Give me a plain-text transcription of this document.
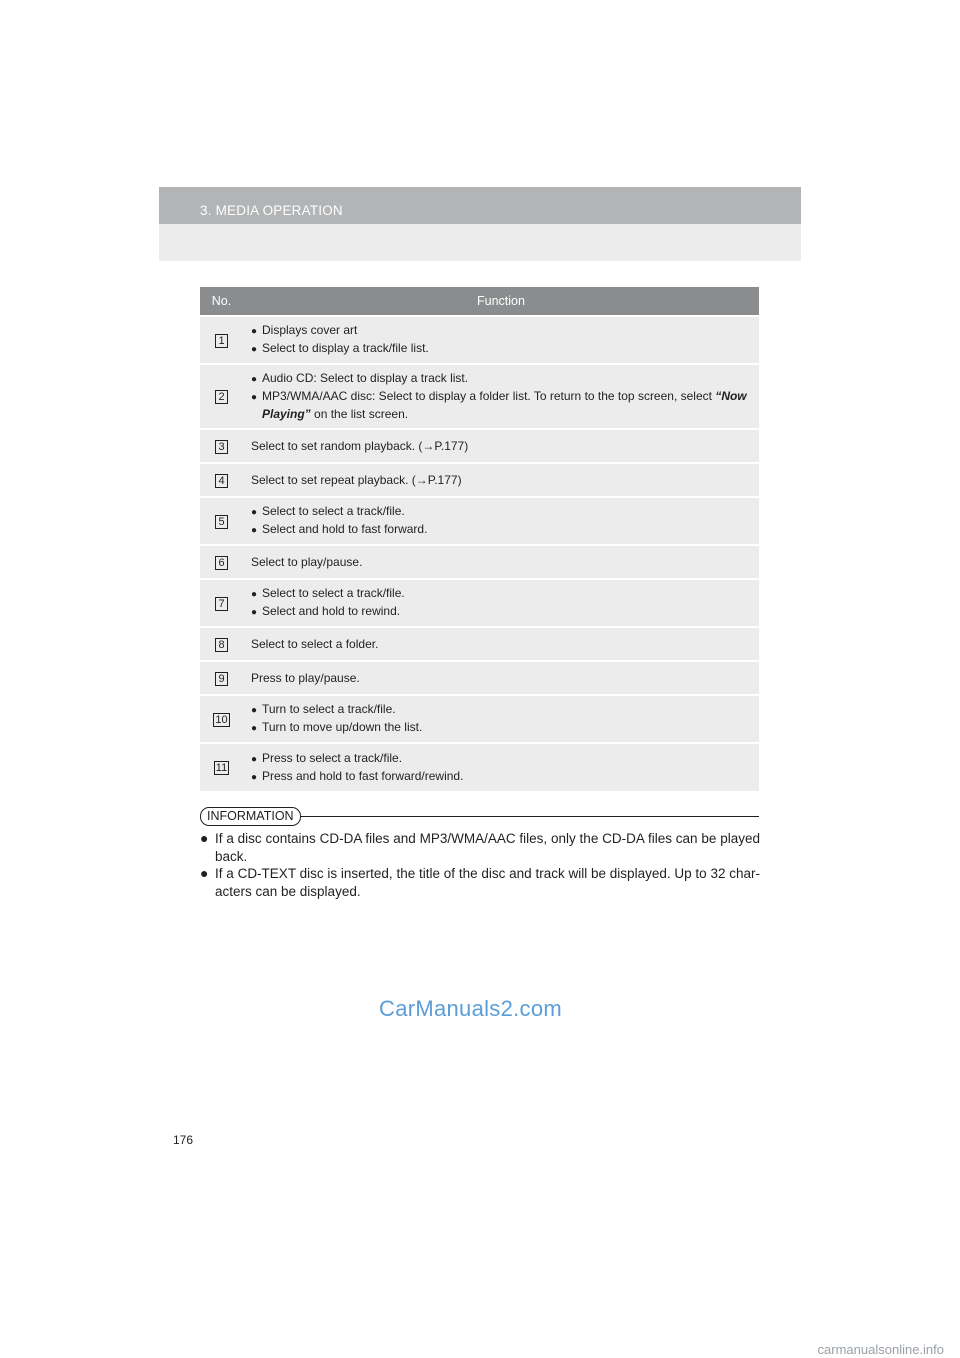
3. MEDIA OPERATION
No.	Function
1	● Displays cover art
● Select to display a track/file list.

2	● Audio CD: Select to display a track list.
● MP3/WMA/AAC disc: Select to display a folder list. To return to the top screen, select “Now Playing” on the list screen.

3	Select to set random playback. (→P.177)

4	Select to set repeat playback. (→P.177)

5	● Select to select a track/file.
● Select and hold to fast forward.

6	Select to play/pause.

7	● Select to select a track/file.
● Select and hold to rewind.

8	Select to select a folder.

9	Press to play/pause.

10	● Turn to select a track/file.
● Turn to move up/down the list.

11	● Press to select a track/file.
● Press and hold to fast forward/rewind.
INFORMATION
● If a disc contains CD-DA files and MP3/WMA/AAC files, only the CD-DA files can be played back.
● If a CD-TEXT disc is inserted, the title of the disc and track will be displayed. Up to 32 char-acters can be displayed.
CarManuals2.com
176
carmanualsonline.info
